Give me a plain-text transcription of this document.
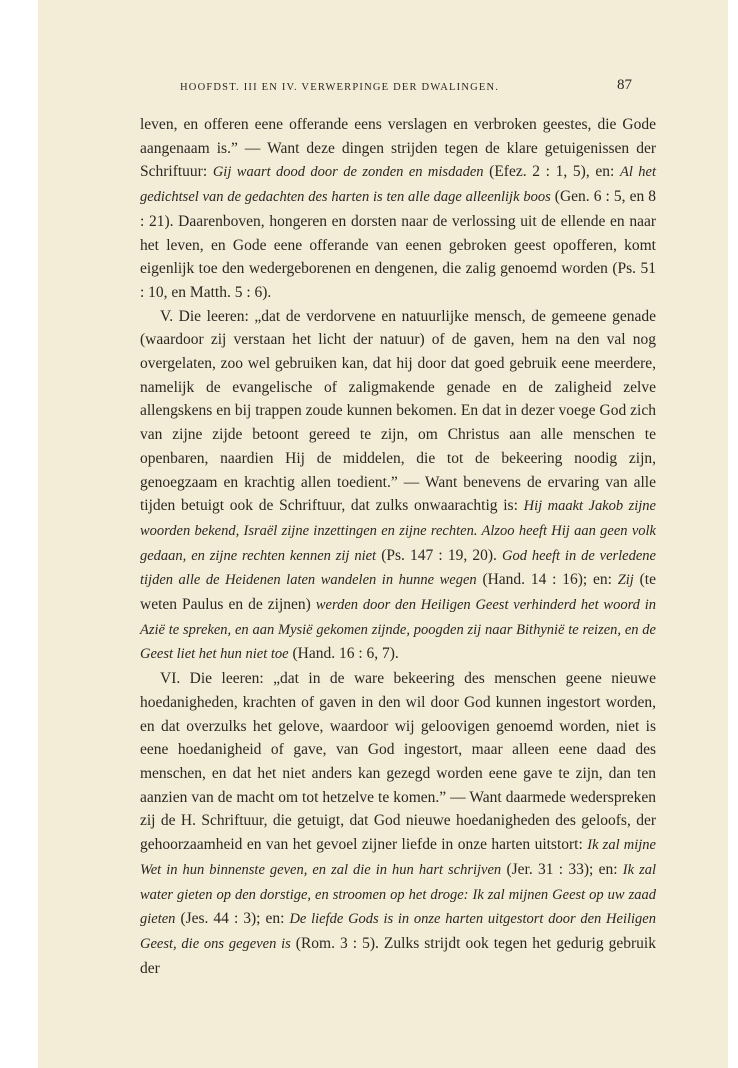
HOOFDST. III EN IV. VERWERPINGE DER DWALINGEN.	87

leven, en offeren eene offerande eens verslagen en verbroken geestes, die Gode aangenaam is.” — Want deze dingen strijden tegen de klare getuigenissen der Schriftuur: Gij waart dood door de zonden en misdaden (Efez. 2 : 1, 5), en: Al het gedichtsel van de gedachten des harten is ten alle dage alleenlijk boos (Gen. 6 : 5, en 8 : 21). Daarenboven, hongeren en dorsten naar de verlossing uit de ellende en naar het leven, en Gode eene offerande van eenen gebroken geest opofferen, komt eigenlijk toe den wedergeborenen en dengenen, die zalig genoemd worden (Ps. 51 : 10, en Matth. 5 : 6).

V. Die leeren: „dat de verdorvene en natuurlijke mensch, de gemeene genade (waardoor zij verstaan het licht der natuur) of de gaven, hem na den val nog overgelaten, zoo wel gebruiken kan, dat hij door dat goed gebruik eene meerdere, namelijk de evangelische of zaligmakende genade en de zaligheid zelve allengskens en bij trappen zoude kunnen bekomen. En dat in dezer voege God zich van zijne zijde betoont gereed te zijn, om Christus aan alle menschen te openbaren, naardien Hij de middelen, die tot de bekeering noodig zijn, genoegzaam en krachtig allen toedient.” — Want benevens de ervaring van alle tijden betuigt ook de Schriftuur, dat zulks onwaarachtig is: Hij maakt Jakob zijne woorden bekend, Israël zijne inzettingen en zijne rechten. Alzoo heeft Hij aan geen volk gedaan, en zijne rechten kennen zij niet (Ps. 147 : 19, 20). God heeft in de verledene tijden alle de Heidenen laten wandelen in hunne wegen (Hand. 14 : 16); en: Zij (te weten Paulus en de zijnen) werden door den Heiligen Geest verhinderd het woord in Azië te spreken, en aan Mysië gekomen zijnde, poogden zij naar Bithynië te reizen, en de Geest liet het hun niet toe (Hand. 16 : 6, 7).

VI. Die leeren: „dat in de ware bekeering des menschen geene nieuwe hoedanigheden, krachten of gaven in den wil door God kunnen ingestort worden, en dat overzulks het gelove, waardoor wij geloovigen genoemd worden, niet is eene hoedanigheid of gave, van God ingestort, maar alleen eene daad des menschen, en dat het niet anders kan gezegd worden eene gave te zijn, dan ten aanzien van de macht om tot hetzelve te komen.” — Want daarmede wederspreken zij de H. Schriftuur, die getuigt, dat God nieuwe hoedanigheden des geloofs, der gehoorzaamheid en van het gevoel zijner liefde in onze harten uitstort: Ik zal mijne Wet in hun binnenste geven, en zal die in hun hart schrijven (Jer. 31 : 33); en: Ik zal water gieten op den dorstige, en stroomen op het droge: Ik zal mijnen Geest op uw zaad gieten (Jes. 44 : 3); en: De liefde Gods is in onze harten uitgestort door den Heiligen Geest, die ons gegeven is (Rom. 3 : 5). Zulks strijdt ook tegen het gedurig gebruik der
